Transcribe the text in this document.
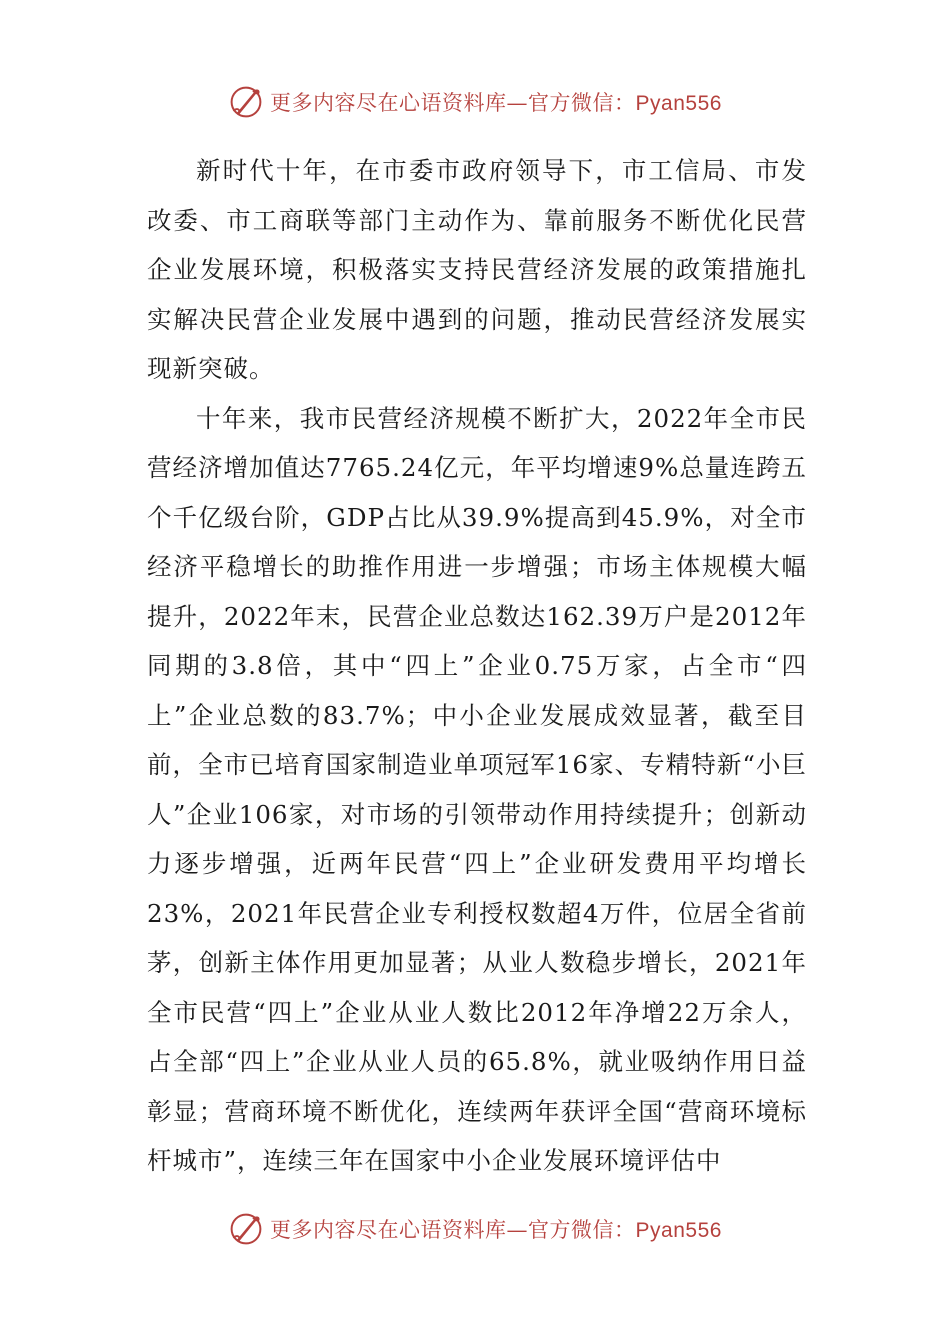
更多内容尽在心语资料库—官方微信：Pyan556

新时代十年，在市委市政府领导下，市工信局、市发改委、市工商联等部门主动作为、靠前服务不断优化民营企业发展环境，积极落实支持民营经济发展的政策措施扎实解决民营企业发展中遇到的问题，推动民营经济发展实现新突破。

十年来，我市民营经济规模不断扩大，2022年全市民营经济增加值达7765.24亿元，年平均增速9%总量连跨五个千亿级台阶，GDP占比从39.9%提高到45.9%，对全市经济平稳增长的助推作用进一步增强；市场主体规模大幅提升，2022年末，民营企业总数达162.39万户是2012年同期的3.8倍，其中“四上”企业0.75万家，占全市“四上”企业总数的83.7%；中小企业发展成效显著，截至目前，全市已培育国家制造业单项冠军16家、专精特新“小巨人”企业106家，对市场的引领带动作用持续提升；创新动力逐步增强，近两年民营“四上”企业研发费用平均增长23%，2021年民营企业专利授权数超4万件，位居全省前茅，创新主体作用更加显著；从业人数稳步增长，2021年全市民营“四上”企业从业人数比2012年净增22万余人，占全部“四上”企业从业人员的65.8%，就业吸纳作用日益彰显；营商环境不断优化，连续两年获评全国“营商环境标杆城市”，连续三年在国家中小企业发展环境评估中

更多内容尽在心语资料库—官方微信：Pyan556
